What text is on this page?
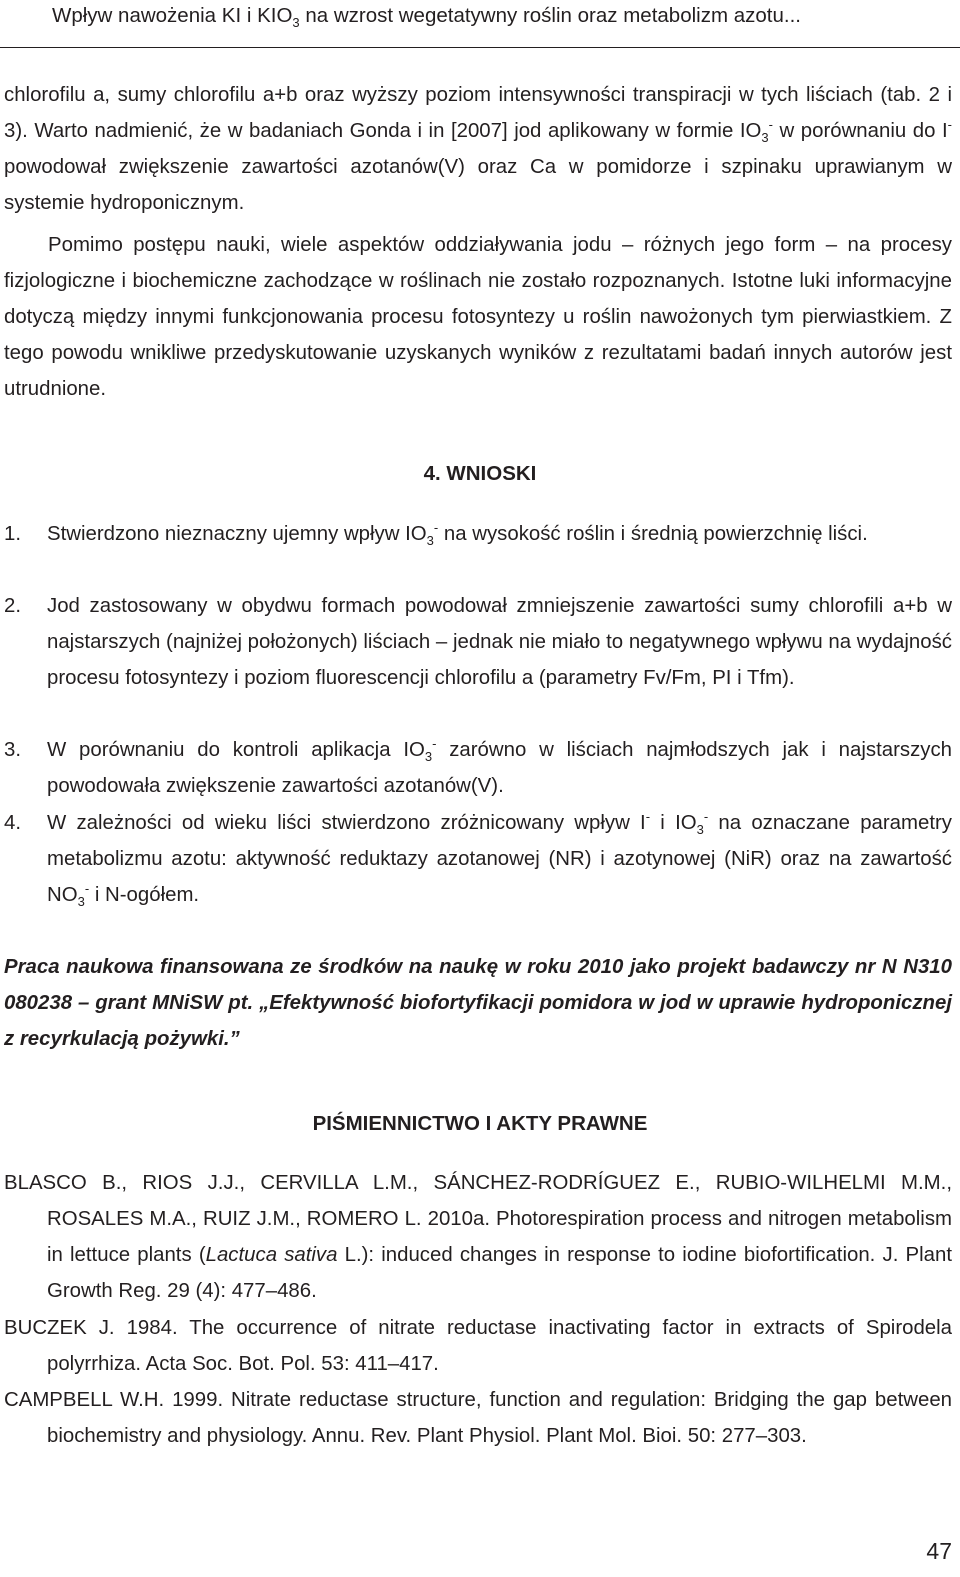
Wpływ nawożenia KI i $KIO_3$ na wzrost wegetatywny roślin oraz metabolizm azotu...
chlorofilu a, sumy chlorofilu a+b oraz wyższy poziom intensywności transpiracji w tych liściach (tab. 2 i 3). Warto nadmienić, że w badaniach Gonda i in [2007] jod aplikowany w formie $IO_3^-$ w porównaniu do I- powodował zwiększenie zawartości azotanów(V) oraz Ca w pomidorze i szpinaku uprawianym w systemie hydroponicznym.
Pomimo postępu nauki, wiele aspektów oddziaływania jodu – różnych jego form – na procesy fizjologiczne i biochemiczne zachodzące w roślinach nie zostało rozpoznanych. Istotne luki informacyjne dotyczą między innymi funkcjonowania procesu fotosyntezy u roślin nawożonych tym pierwiastkiem. Z tego powodu wnikliwe przedyskutowanie uzyskanych wyników z rezultatami badań innych autorów jest utrudnione.
4. WNIOSKI
1. Stwierdzono nieznaczny ujemny wpływ $IO_3^-$ na wysokość roślin i średnią powierzchnię liści.
2. Jod zastosowany w obydwu formach powodował zmniejszenie zawartości sumy chlorofili a+b w najstarszych (najniżej położonych) liściach – jednak nie miało to negatywnego wpływu na wydajność procesu fotosyntezy i poziom fluorescencji chlorofilu a (parametry Fv/Fm, PI i Tfm).
3. W porównaniu do kontroli aplikacja $IO_3^-$ zarówno w liściach najmłodszych jak i najstarszych powodowała zwiększenie zawartości azotanów(V).
4. W zależności od wieku liści stwierdzono zróżnicowany wpływ I- i $IO_3^-$ na oznaczane parametry metabolizmu azotu: aktywność reduktazy azotanowej (NR) i azotynowej (NiR) oraz na zawartość $NO_3^-$ i N-ogółem.
Praca naukowa finansowana ze środków na naukę w roku 2010 jako projekt badawczy nr N N310 080238 – grant MNiSW pt. „Efektywność biofortyfikacji pomidora w jod w uprawie hydroponicznej z recyrkulacją pożywki.”
PIŚMIENNICTWO I AKTY PRAWNE
BLASCO B., RIOS J.J., CERVILLA L.M., SÁNCHEZ-RODRÍGUEZ E., RUBIO-WILHELMI M.M., ROSALES M.A., RUIZ J.M., ROMERO L. 2010a. Photorespiration process and nitrogen metabolism in lettuce plants (Lactuca sativa L.): induced changes in response to iodine biofortification. J. Plant Growth Reg. 29 (4): 477–486.
BUCZEK J. 1984. The occurrence of nitrate reductase inactivating factor in extracts of Spirodela polyrrhiza. Acta Soc. Bot. Pol. 53: 411–417.
CAMPBELL W.H. 1999. Nitrate reductase structure, function and regulation: Bridging the gap between biochemistry and physiology. Annu. Rev. Plant Physiol. Plant Mol. Bioi. 50: 277–303.
47
